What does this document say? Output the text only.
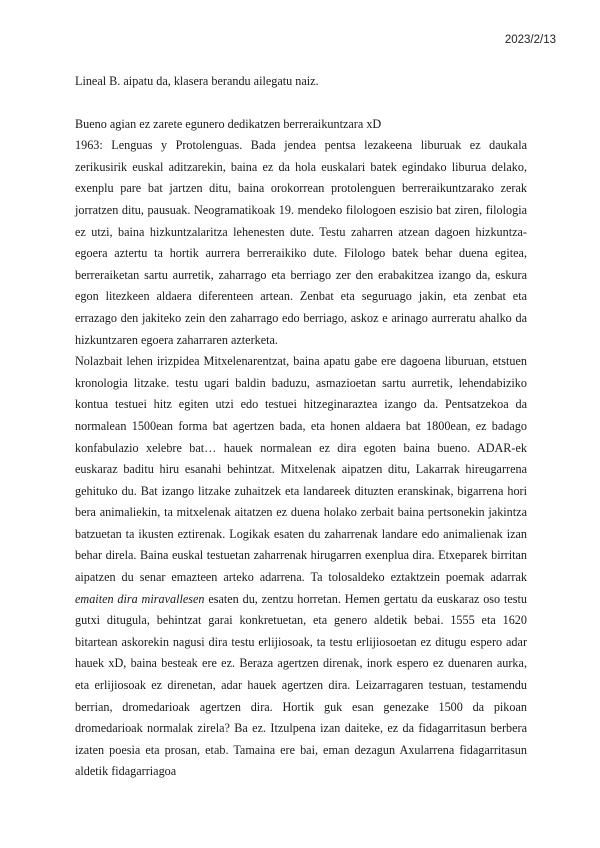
2023/2/13

Lineal B. aipatu da, klasera berandu ailegatu naiz.

Bueno agian ez zarete egunero dedikatzen berreraikuntzara xD

1963: Lenguas y Protolenguas. Bada jendea pentsa lezakeena liburuak ez daukala zerikusirik euskal aditzarekin, baina ez da hola euskalari batek egindako liburua delako, exenplu pare bat jartzen ditu, baina orokorrean protolenguen berreraikuntzarako zerak jorratzen ditu, pausuak. Neogramatikoak 19. mendeko filologoen eszisio bat ziren, filologia ez utzi, baina hizkuntzalaritza lehenesten dute. Testu zaharren atzean dagoen hizkuntza-egoera aztertu ta hortik aurrera berreraikiko dute. Filologo batek behar duena egitea, berreraiketan sartu aurretik, zaharrago eta berriago zer den erabakitzea izango da, eskura egon litezkeen aldaera diferenteen artean. Zenbat eta seguruago jakin, eta zenbat eta errazago den jakiteko zein den zaharrago edo berriago, askoz e arinago aurreratu ahalko da hizkuntzaren egoera zaharraren azterketa.

Nolazbait lehen irizpidea Mitxelenarentzat, baina apatu gabe ere dagoena liburuan, etstuen kronologia litzake. testu ugari baldin baduzu, asmazioetan sartu aurretik, lehendabiziko kontua testuei hitz egiten utzi edo testuei hitzeginaraztea izango da. Pentsatzekoa da normalean 1500ean forma bat agertzen bada, eta honen aldaera bat 1800ean, ez badago konfabulazio xelebre bat… hauek normalean ez dira egoten baina bueno. ADAR-ek euskaraz baditu hiru esanahi behintzat. Mitxelenak aipatzen ditu, Lakarrak hireugarrena gehituko du. Bat izango litzake zuhaitzek eta landareek dituzten eranskinak, bigarrena hori bera animaliekin, ta mitxelenak aitatzen ez duena holako zerbait baina pertsonekin jakintza batzuetan ta ikusten eztirenak. Logikak esaten du zaharrenak landare edo animalienak izan behar direla. Baina euskal testuetan zaharrenak hirugarren exenplua dira. Etxeparek birritan aipatzen du senar emazteen arteko adarrena. Ta tolosaldeko eztaktzein poemak adarrak emaiten dira miravallesen esaten du, zentzu horretan. Hemen gertatu da euskaraz oso testu gutxi ditugula, behintzat garai konkretuetan, eta genero aldetik bebai. 1555 eta 1620 bitartean askorekin nagusi dira testu erlijiosoak, ta testu erlijiosoetan ez ditugu espero adar hauek xD, baina besteak ere ez. Beraza agertzen direnak, inork espero ez duenaren aurka, eta erlijiosoak ez direnetan, adar hauek agertzen dira. Leizarragaren testuan, testamendu berrian, dromedarioak agertzen dira. Hortik guk esan genezake 1500 da pikoan dromedarioak normalak zirela? Ba ez. Itzulpena izan daiteke, ez da fidagarritasun berbera izaten poesia eta prosan, etab. Tamaina ere bai, eman dezagun Axularrena fidagarritasun aldetik fidagarriagoa
